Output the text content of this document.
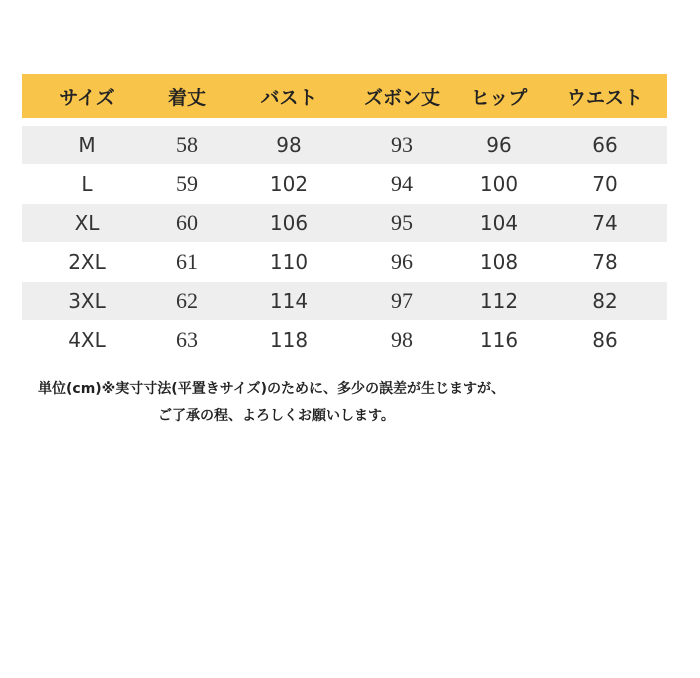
サイズ	着丈	バスト	ズボン丈	ヒップ	ウエスト
M	58	98	93	96	66
L	59	102	94	100	70
XL	60	106	95	104	74
2XL	61	110	96	108	78
3XL	62	114	97	112	82
4XL	63	118	98	116	86
単位(cm)※実寸寸法(平置きサイズ)のために、多少の誤差が生じますが、
ご了承の程、よろしくお願いします。
